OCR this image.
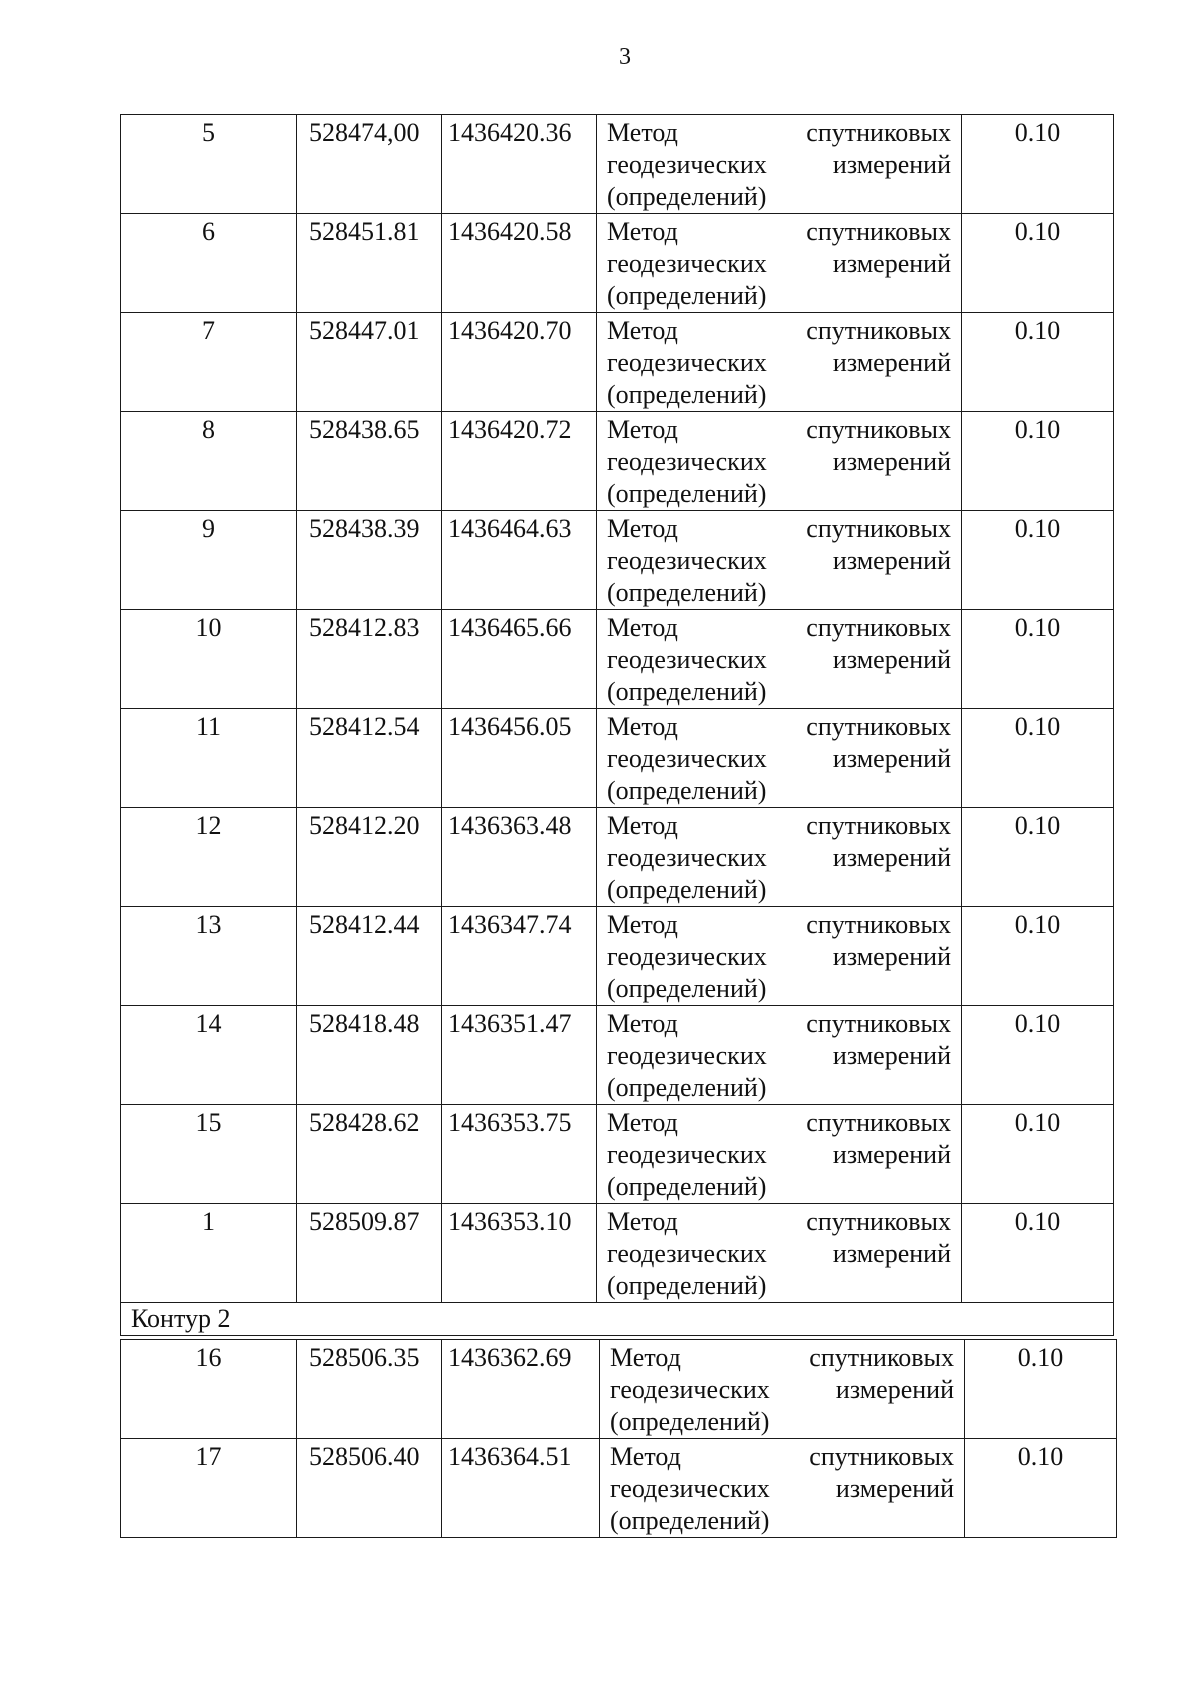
3
5	528474,00	1436420.36	Метод спутниковых
геодезических измерений
(определений)	0.10
6	528451.81	1436420.58	Метод спутниковых
геодезических измерений
(определений)	0.10
7	528447.01	1436420.70	Метод спутниковых
геодезических измерений
(определений)	0.10
8	528438.65	1436420.72	Метод спутниковых
геодезических измерений
(определений)	0.10
9	528438.39	1436464.63	Метод спутниковых
геодезических измерений
(определений)	0.10
10	528412.83	1436465.66	Метод спутниковых
геодезических измерений
(определений)	0.10
11	528412.54	1436456.05	Метод спутниковых
геодезических измерений
(определений)	0.10
12	528412.20	1436363.48	Метод спутниковых
геодезических измерений
(определений)	0.10
13	528412.44	1436347.74	Метод спутниковых
геодезических измерений
(определений)	0.10
14	528418.48	1436351.47	Метод спутниковых
геодезических измерений
(определений)	0.10
15	528428.62	1436353.75	Метод спутниковых
геодезических измерений
(определений)	0.10
1	528509.87	1436353.10	Метод спутниковых
геодезических измерений
(определений)	0.10
Контур 2				
16	528506.35	1436362.69	Метод спутниковых
геодезических измерений
(определений)	0.10
17	528506.40	1436364.51	Метод спутниковых
геодезических измерений
(определений)	0.10
